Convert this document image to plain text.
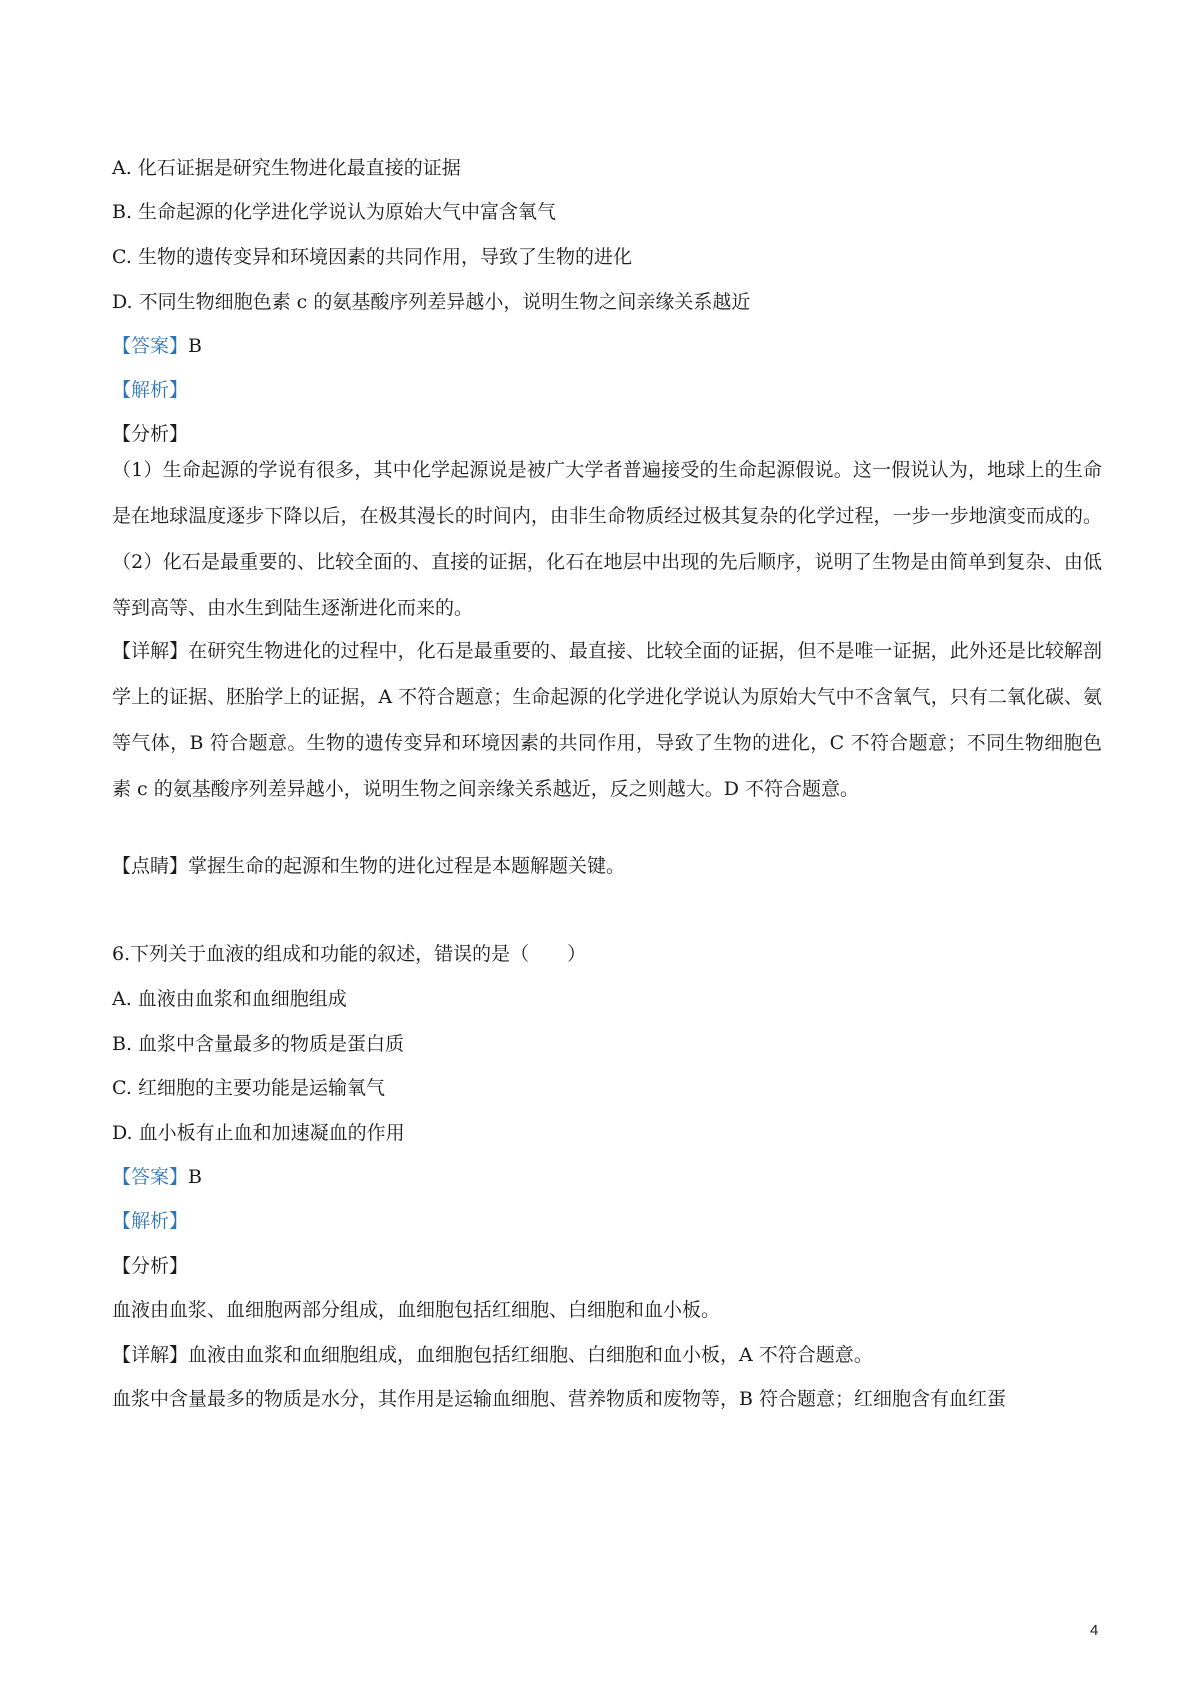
A. 化石证据是研究生物进化最直接的证据
B. 生命起源的化学进化学说认为原始大气中富含氧气
C. 生物的遗传变异和环境因素的共同作用，导致了生物的进化
D. 不同生物细胞色素 c 的氨基酸序列差异越小，说明生物之间亲缘关系越近
【答案】B
【解析】
【分析】
（1）生命起源的学说有很多，其中化学起源说是被广大学者普遍接受的生命起源假说。这一假说认为，地球上的生命是在地球温度逐步下降以后，在极其漫长的时间内，由非生命物质经过极其复杂的化学过程，一步一步地演变而成的。（2）化石是最重要的、比较全面的、直接的证据，化石在地层中出现的先后顺序，说明了生物是由简单到复杂、由低等到高等、由水生到陆生逐渐进化而来的。
【详解】在研究生物进化的过程中，化石是最重要的、最直接、比较全面的证据，但不是唯一证据，此外还是比较解剖学上的证据、胚胎学上的证据，A 不符合题意；生命起源的化学进化学说认为原始大气中不含氧气，只有二氧化碳、氨等气体，B 符合题意。生物的遗传变异和环境因素的共同作用，导致了生物的进化，C 不符合题意；不同生物细胞色素 c 的氨基酸序列差异越小，说明生物之间亲缘关系越近，反之则越大。D 不符合题意。
【点睛】掌握生命的起源和生物的进化过程是本题解题关键。
6.下列关于血液的组成和功能的叙述，错误的是（　　）
A. 血液由血浆和血细胞组成
B. 血浆中含量最多的物质是蛋白质
C. 红细胞的主要功能是运输氧气
D. 血小板有止血和加速凝血的作用
【答案】B
【解析】
【分析】
血液由血浆、血细胞两部分组成，血细胞包括红细胞、白细胞和血小板。
【详解】血液由血浆和血细胞组成，血细胞包括红细胞、白细胞和血小板，A 不符合题意。
血浆中含量最多的物质是水分，其作用是运输血细胞、营养物质和废物等，B 符合题意；红细胞含有血红蛋
4
